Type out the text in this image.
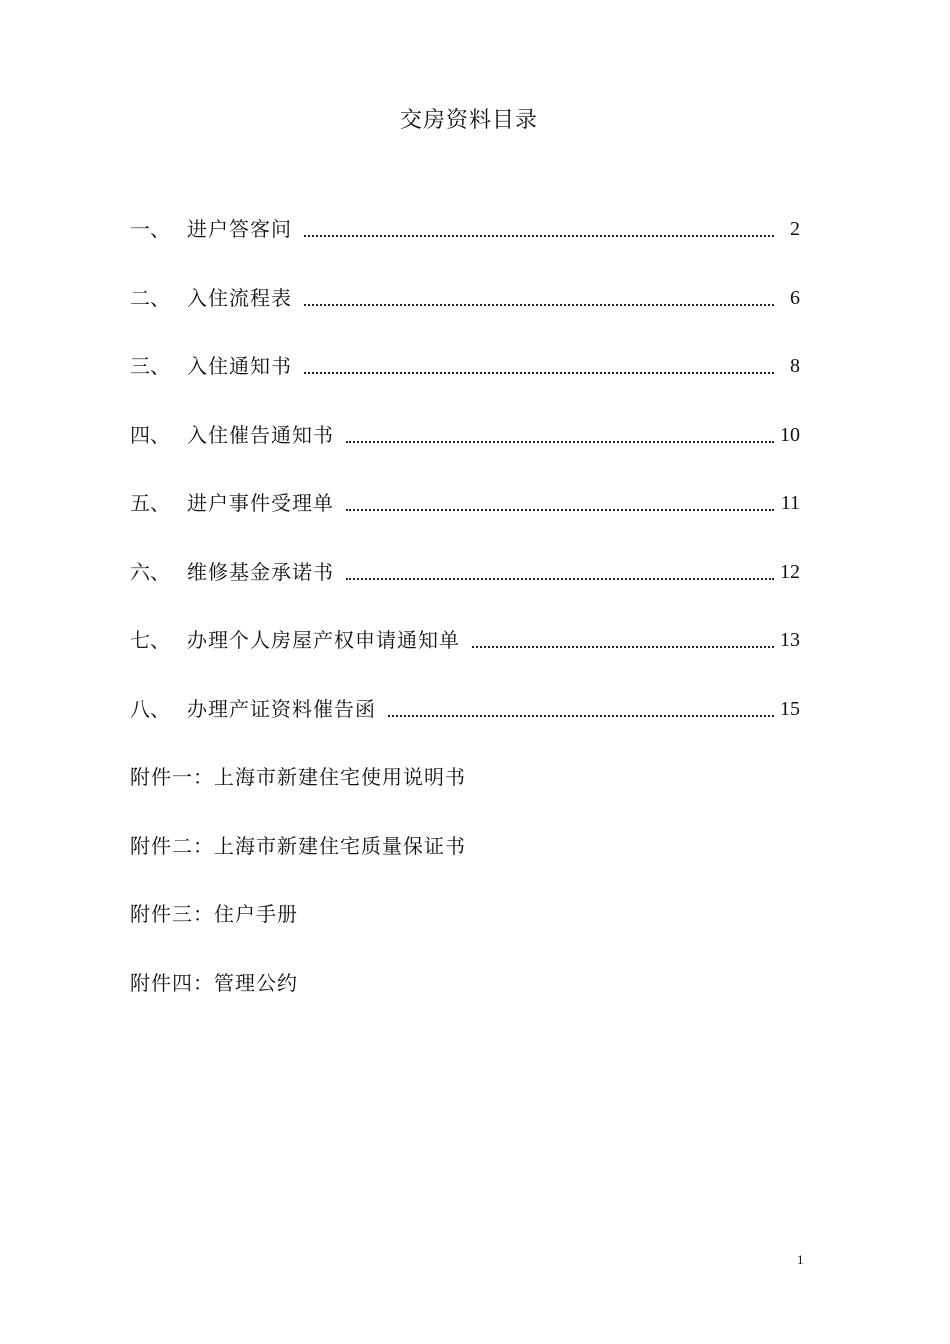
交房资料目录
一、 进户答客问	2
二、 入住流程表	6
三、 入住通知书	8
四、 入住催告通知书	10
五、 进户事件受理单	11
六、 维修基金承诺书	12
七、 办理个人房屋产权申请通知单	13
八、 办理产证资料催告函	15
附件一：上海市新建住宅使用说明书
附件二：上海市新建住宅质量保证书
附件三：住户手册
附件四：管理公约
1
